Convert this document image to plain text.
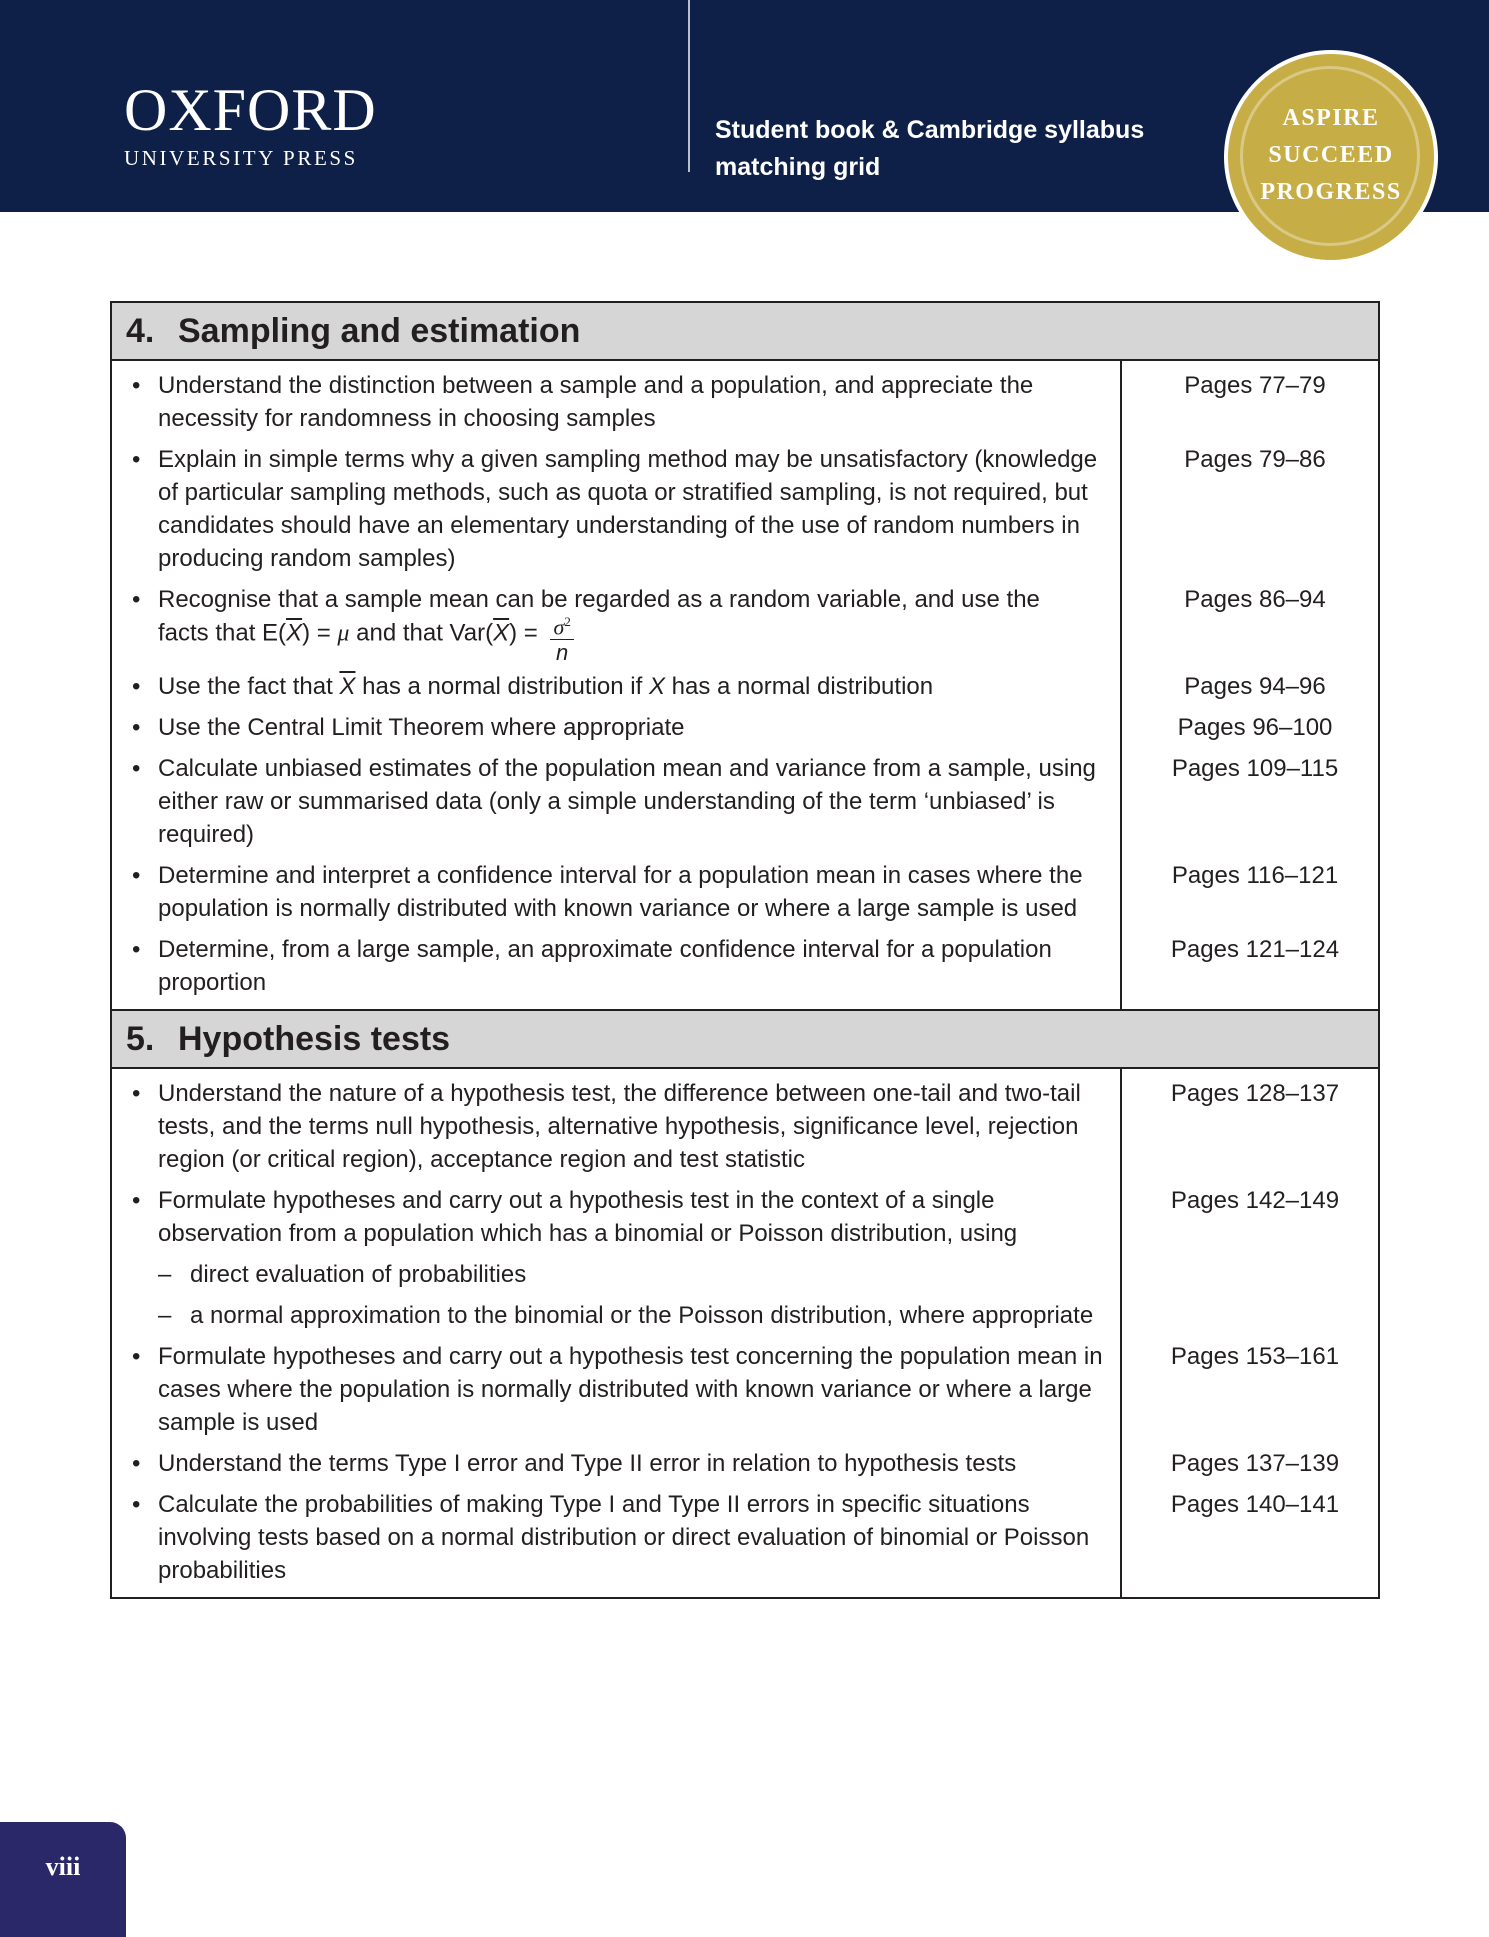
OXFORD
UNIVERSITY PRESS
Student book & Cambridge syllabus matching grid
ASPIRE
SUCCEED
PROGRESS
4. Sampling and estimation
• Understand the distinction between a sample and a population, and appreciate the necessity for randomness in choosing samples
Pages 77–79
• Explain in simple terms why a given sampling method may be unsatisfactory (knowledge of particular sampling methods, such as quota or stratified sampling, is not required, but candidates should have an elementary understanding of the use of random numbers in producing random samples)
Pages 79–86
• Recognise that a sample mean can be regarded as a random variable, and use the
facts that $E(\overline{X}) = \mu$ and that $Var(\overline{X}) = \frac{\sigma^2}{n}$
Pages 86–94
• Use the fact that $\overline{X}$ has a normal distribution if X has a normal distribution	Pages 94–96
• Use the Central Limit Theorem where appropriate	Pages 96–100
• Calculate unbiased estimates of the population mean and variance from a sample, using either raw or summarised data (only a simple understanding of the term ‘unbiased’ is required)
Pages 109–115
• Determine and interpret a confidence interval for a population mean in cases where the population is normally distributed with known variance or where a large sample is used
Pages 116–121
• Determine, from a large sample, an approximate confidence interval for a population proportion
Pages 121–124
5. Hypothesis tests
• Understand the nature of a hypothesis test, the difference between one-tail and two-tail tests, and the terms null hypothesis, alternative hypothesis, significance level, rejection region (or critical region), acceptance region and test statistic
Pages 128–137
• Formulate hypotheses and carry out a hypothesis test in the context of a single observation from a population which has a binomial or Poisson distribution, using
– direct evaluation of probabilities
– a normal approximation to the binomial or the Poisson distribution, where appropriate
Pages 142–149
• Formulate hypotheses and carry out a hypothesis test concerning the population mean in cases where the population is normally distributed with known variance or where a large sample is used
Pages 153–161
• Understand the terms Type I error and Type II error in relation to hypothesis tests	Pages 137–139
• Calculate the probabilities of making Type I and Type II errors in specific situations involving tests based on a normal distribution or direct evaluation of binomial or Poisson probabilities
Pages 140–141
viii
